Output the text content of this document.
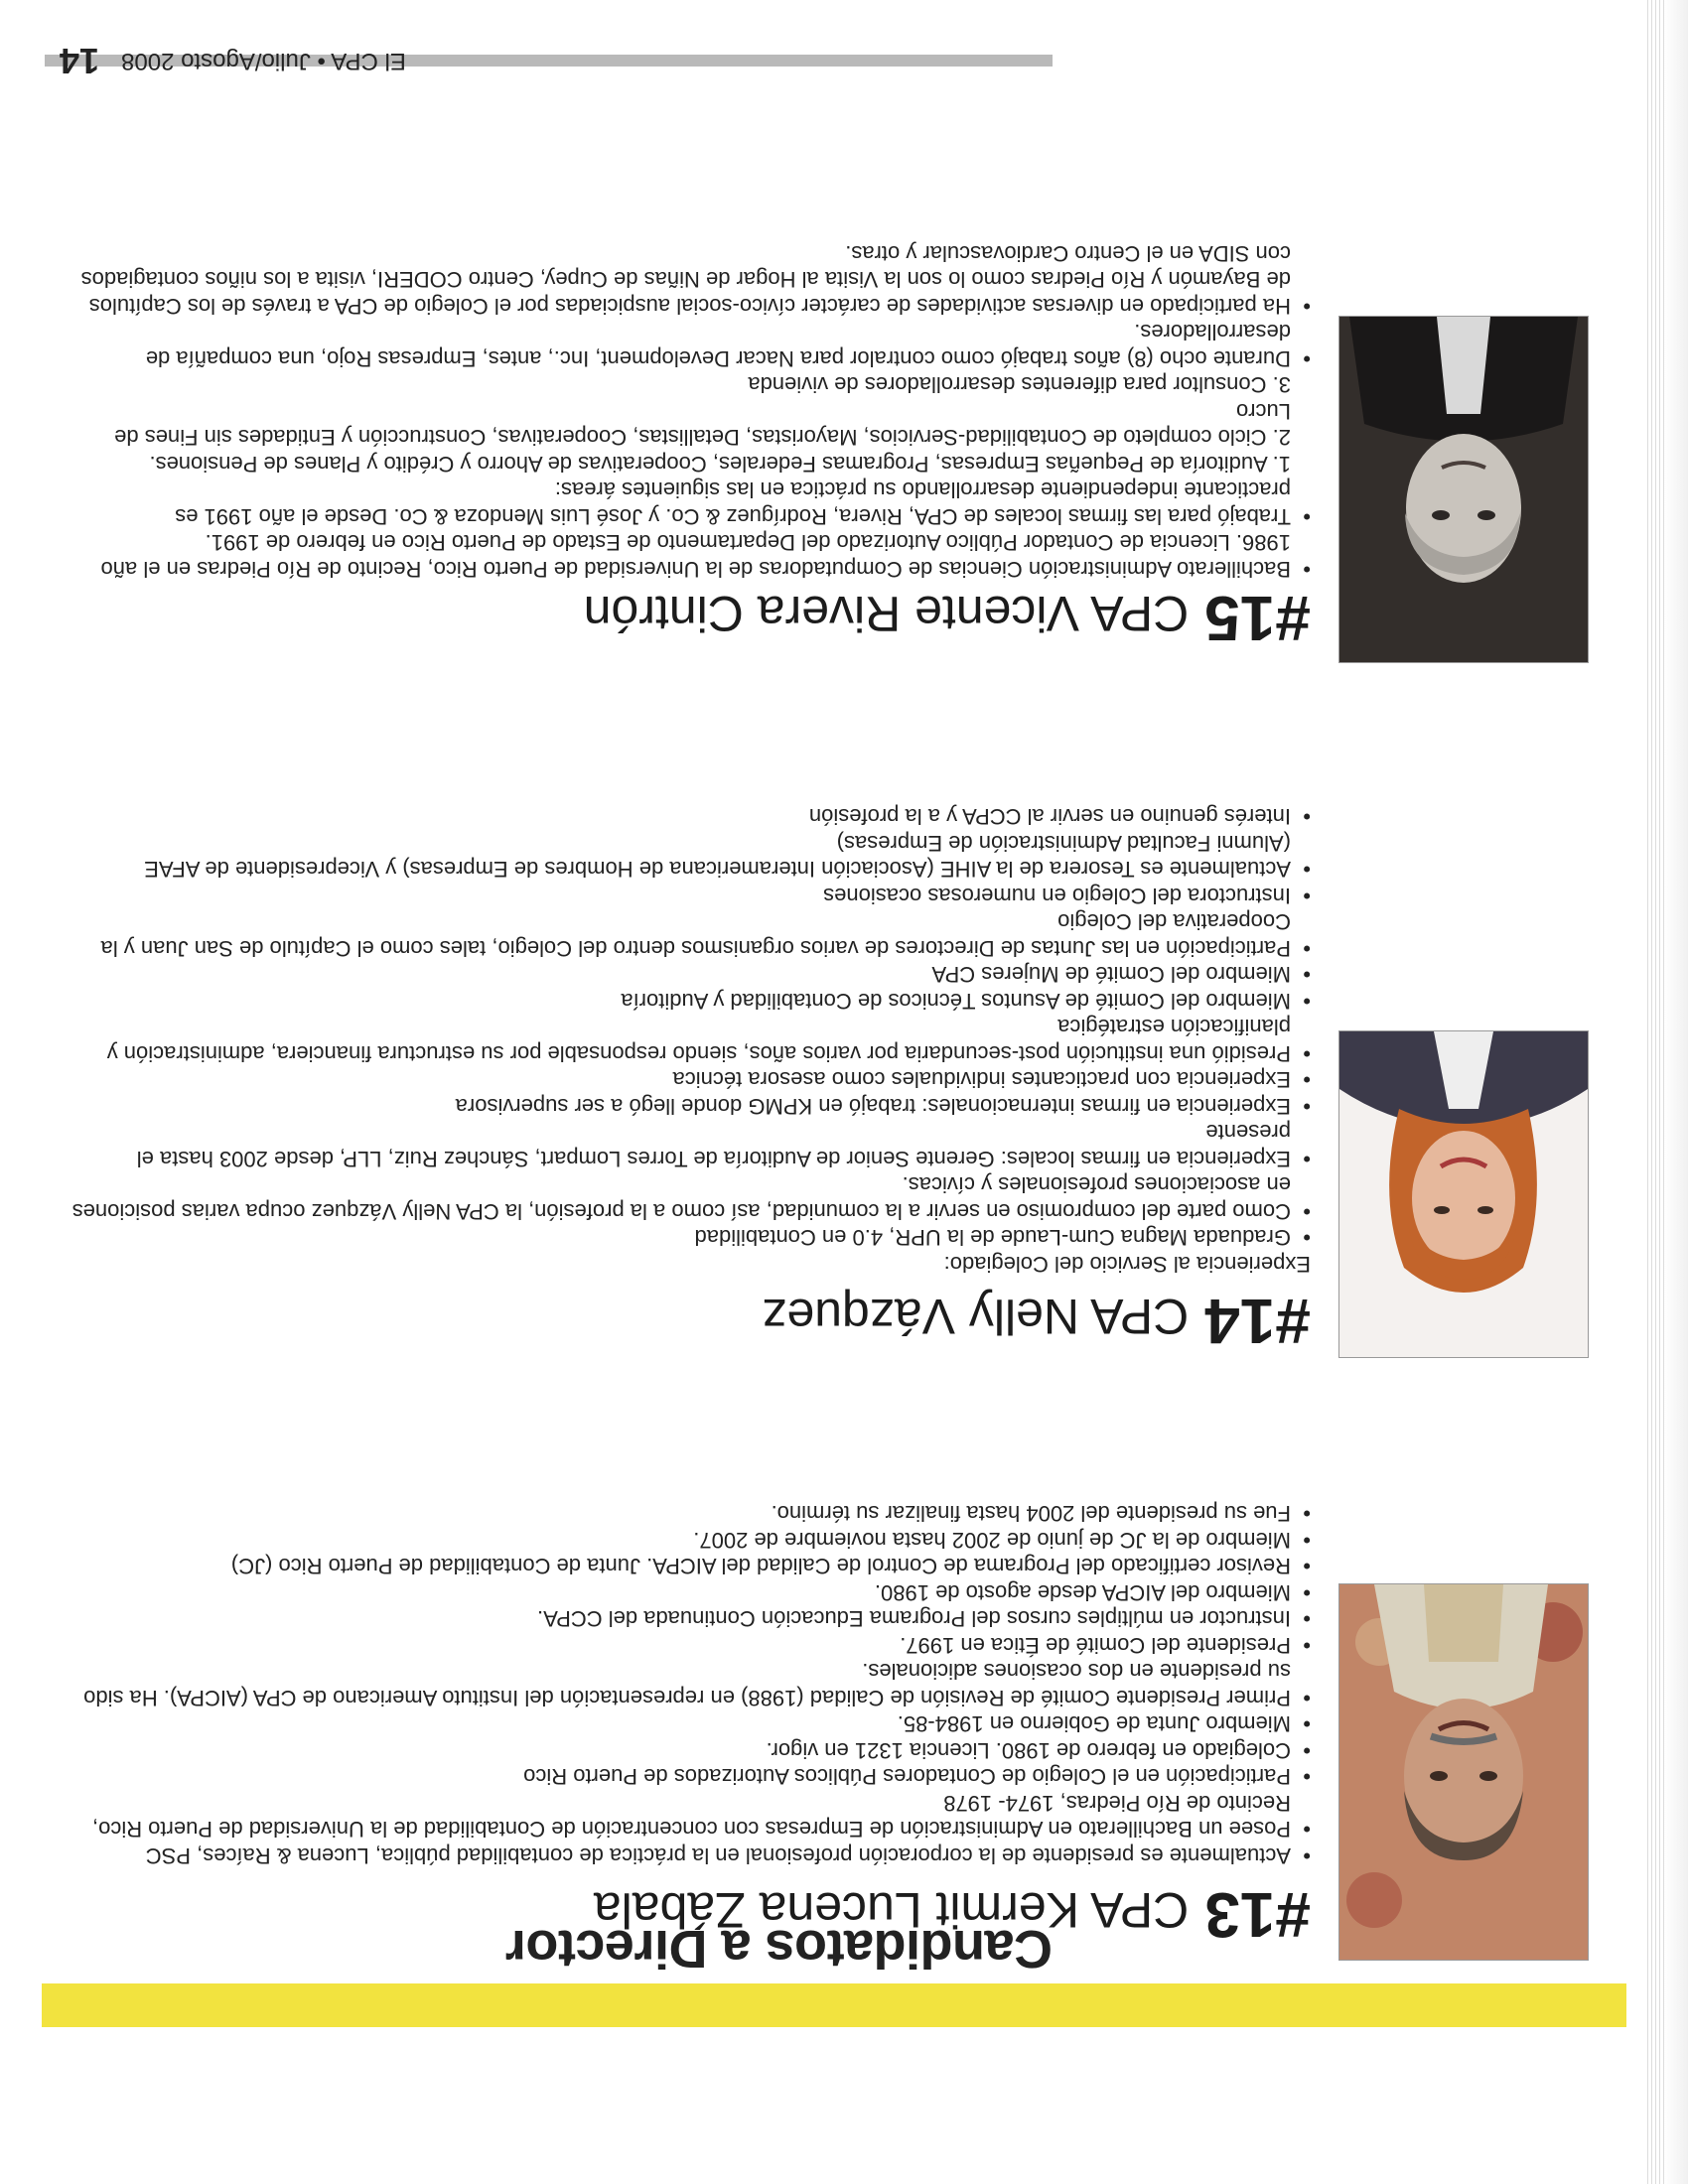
Candidatos a Director	#13CPA Kermit Lucena Zábala
• Actualmente es presidente de la corporación profesional en la práctica de contabilidad pública, Lucena & Raíces, PSC
• Posee un Bachillerato en Administración de Empresas con concentración de Contabilidad de la Universidad de Puerto Rico, Recinto de Río Piedras, 1974- 1978
• Participación en el Colegio de Contadores Públicos Autorizados de Puerto Rico
• Colegiado en febrero de 1980. Licencia 1321 en vigor.
• Miembro Junta de Gobierno en 1984-85.
• Primer Presidente Comité de Revisión de Calidad (1988) en representación del Instituto Americano de CPA (AICPA). Ha sido su presidente en dos ocasiones adicionales.
• Presidente del Comité de Ética en 1997.
• Instructor en múltiples cursos del Programa Educación Continuada del CCPA.
• Miembro del AICPA desde agosto de 1980.
• Revisor certificado del Programa de Control de Calidad del AICPA. Junta de Contabilidad de Puerto Rico (JC)
• Miembro de la JC de junio de 2002 hasta noviembre de 2007.
• Fue su presidente del 2004 hasta finalizar su término.
#14CPA Nelly Vázquez

Experiencia al Servicio del Colegiado:

• Graduada Magna Cum-Laude de la UPR, 4.0 en Contabilidad
• Como parte del compromiso en servir a la comunidad, así como a la profesión, la CPA Nelly Vázquez ocupa varias posiciones en asociaciones profesionales y cívicas.
• Experiencia en firmas locales: Gerente Senior de Auditoría de Torres Lompart, Sánchez Ruiz, LLP, desde 2003 hasta el presente
• Experiencia en firmas internacionales: trabajó en KPMG donde llegó a ser supervisora
• Experiencia con practicantes individuales como asesora técnica
• Presidió una institución post-secundaria por varios años, siendo responsable por su estructura financiera, administración y planificación estratégica
• Miembro del Comité de Asuntos Técnicos de Contabilidad y Auditoría
• Miembro del Comité de Mujeres CPA
• Participación en las Juntas de Directores de varios organismos dentro del Colegio, tales como el Capítulo de San Juan y la Cooperativa del Colegio
• Instructora del Colegio en numerosas ocasiones
• Actualmente es Tesorera de la AIHE (Asociación Interamericana de Hombres de Empresas) y Vicepresidente de AFAE (Alumni Facultad Administración de Empresas)
• Interés genuino en servir al CCPA y a la profesión
#15CPA Vicente Rivera Cintrón
• Bachillerato Administración Ciencias de Computadoras de la Universidad de Puerto Rico, Recinto de Río Piedras en el año 1986. Licencia de Contador Público Autorizado del Departamento de Estado de Puerto Rico en febrero de 1991.
• Trabajó para las firmas locales de CPA, Rivera, Rodríguez & Co. y José Luis Mendoza & Co. Desde el año 1991 es practicante independiente desarrollando su práctica en las siguientes áreas:
1. Auditoría de Pequeñas Empresas, Programas Federales, Cooperativas de Ahorro y Crédito y Planes de Pensiones.
2. Ciclo completo de Contabilidad-Servicios, Mayoristas, Detallistas, Cooperativas, Construcción y Entidades sin Fines de Lucro
3. Consultor para diferentes desarrolladores de vivienda
• Durante ocho (8) años trabajó como contralor para Nacar Development, Inc., antes, Empresas Rojo, una compañía de desarrolladores.
• Ha participado en diversas actividades de carácter cívico-social auspiciadas por el Colegio de CPA a través de los Capítulos de Bayamón y Río Piedras como lo son la Visita al Hogar de Niñas de Cupey, Centro CODERI, visita a los niños contagiados con SIDA en el Centro Cardiovascular y otras.
El CPA • Julio/Agosto 200814
